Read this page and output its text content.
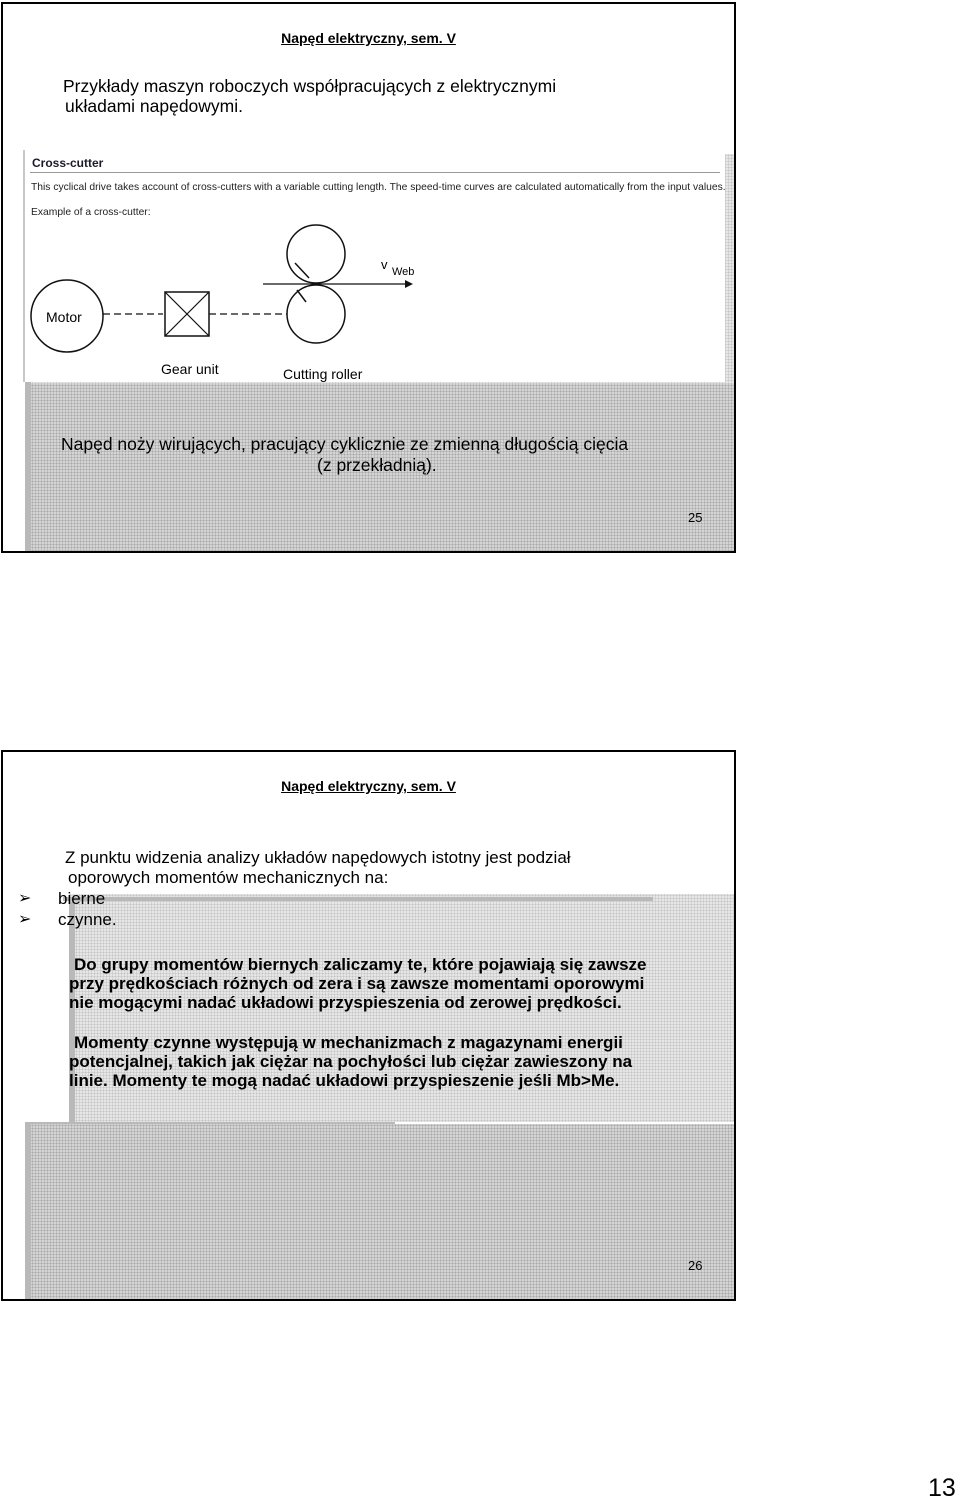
Napęd elektryczny, sem. V
Przykłady maszyn roboczych współpracujących z elektrycznymi
układami napędowymi.
Cross-cutter
This cyclical drive takes account of cross-cutters with a variable cutting length. The speed-time curves are calculated automatically from the input values.
Example of a cross-cutter:
Motor
Gear unit	Cutting roller
v Web
Napęd noży wirujących, pracujący cyklicznie ze zmienną długością cięcia
(z przekładnią).
25
Napęd elektryczny, sem. V
Z punktu widzenia analizy układów napędowych istotny jest podział
oporowych momentów mechanicznych na:
➢	bierne
➢	czynne.
Do grupy momentów biernych zaliczamy te, które pojawiają się zawsze
przy prędkościach różnych od zera i są zawsze momentami oporowymi
nie mogącymi nadać układowi przyspieszenia od zerowej prędkości.
Momenty czynne występują w mechanizmach z magazynami energii
potencjalnej, takich jak ciężar na pochyłości lub ciężar zawieszony na
linie. Momenty te mogą nadać układowi przyspieszenie jeśli Mb>Me.
26
13
